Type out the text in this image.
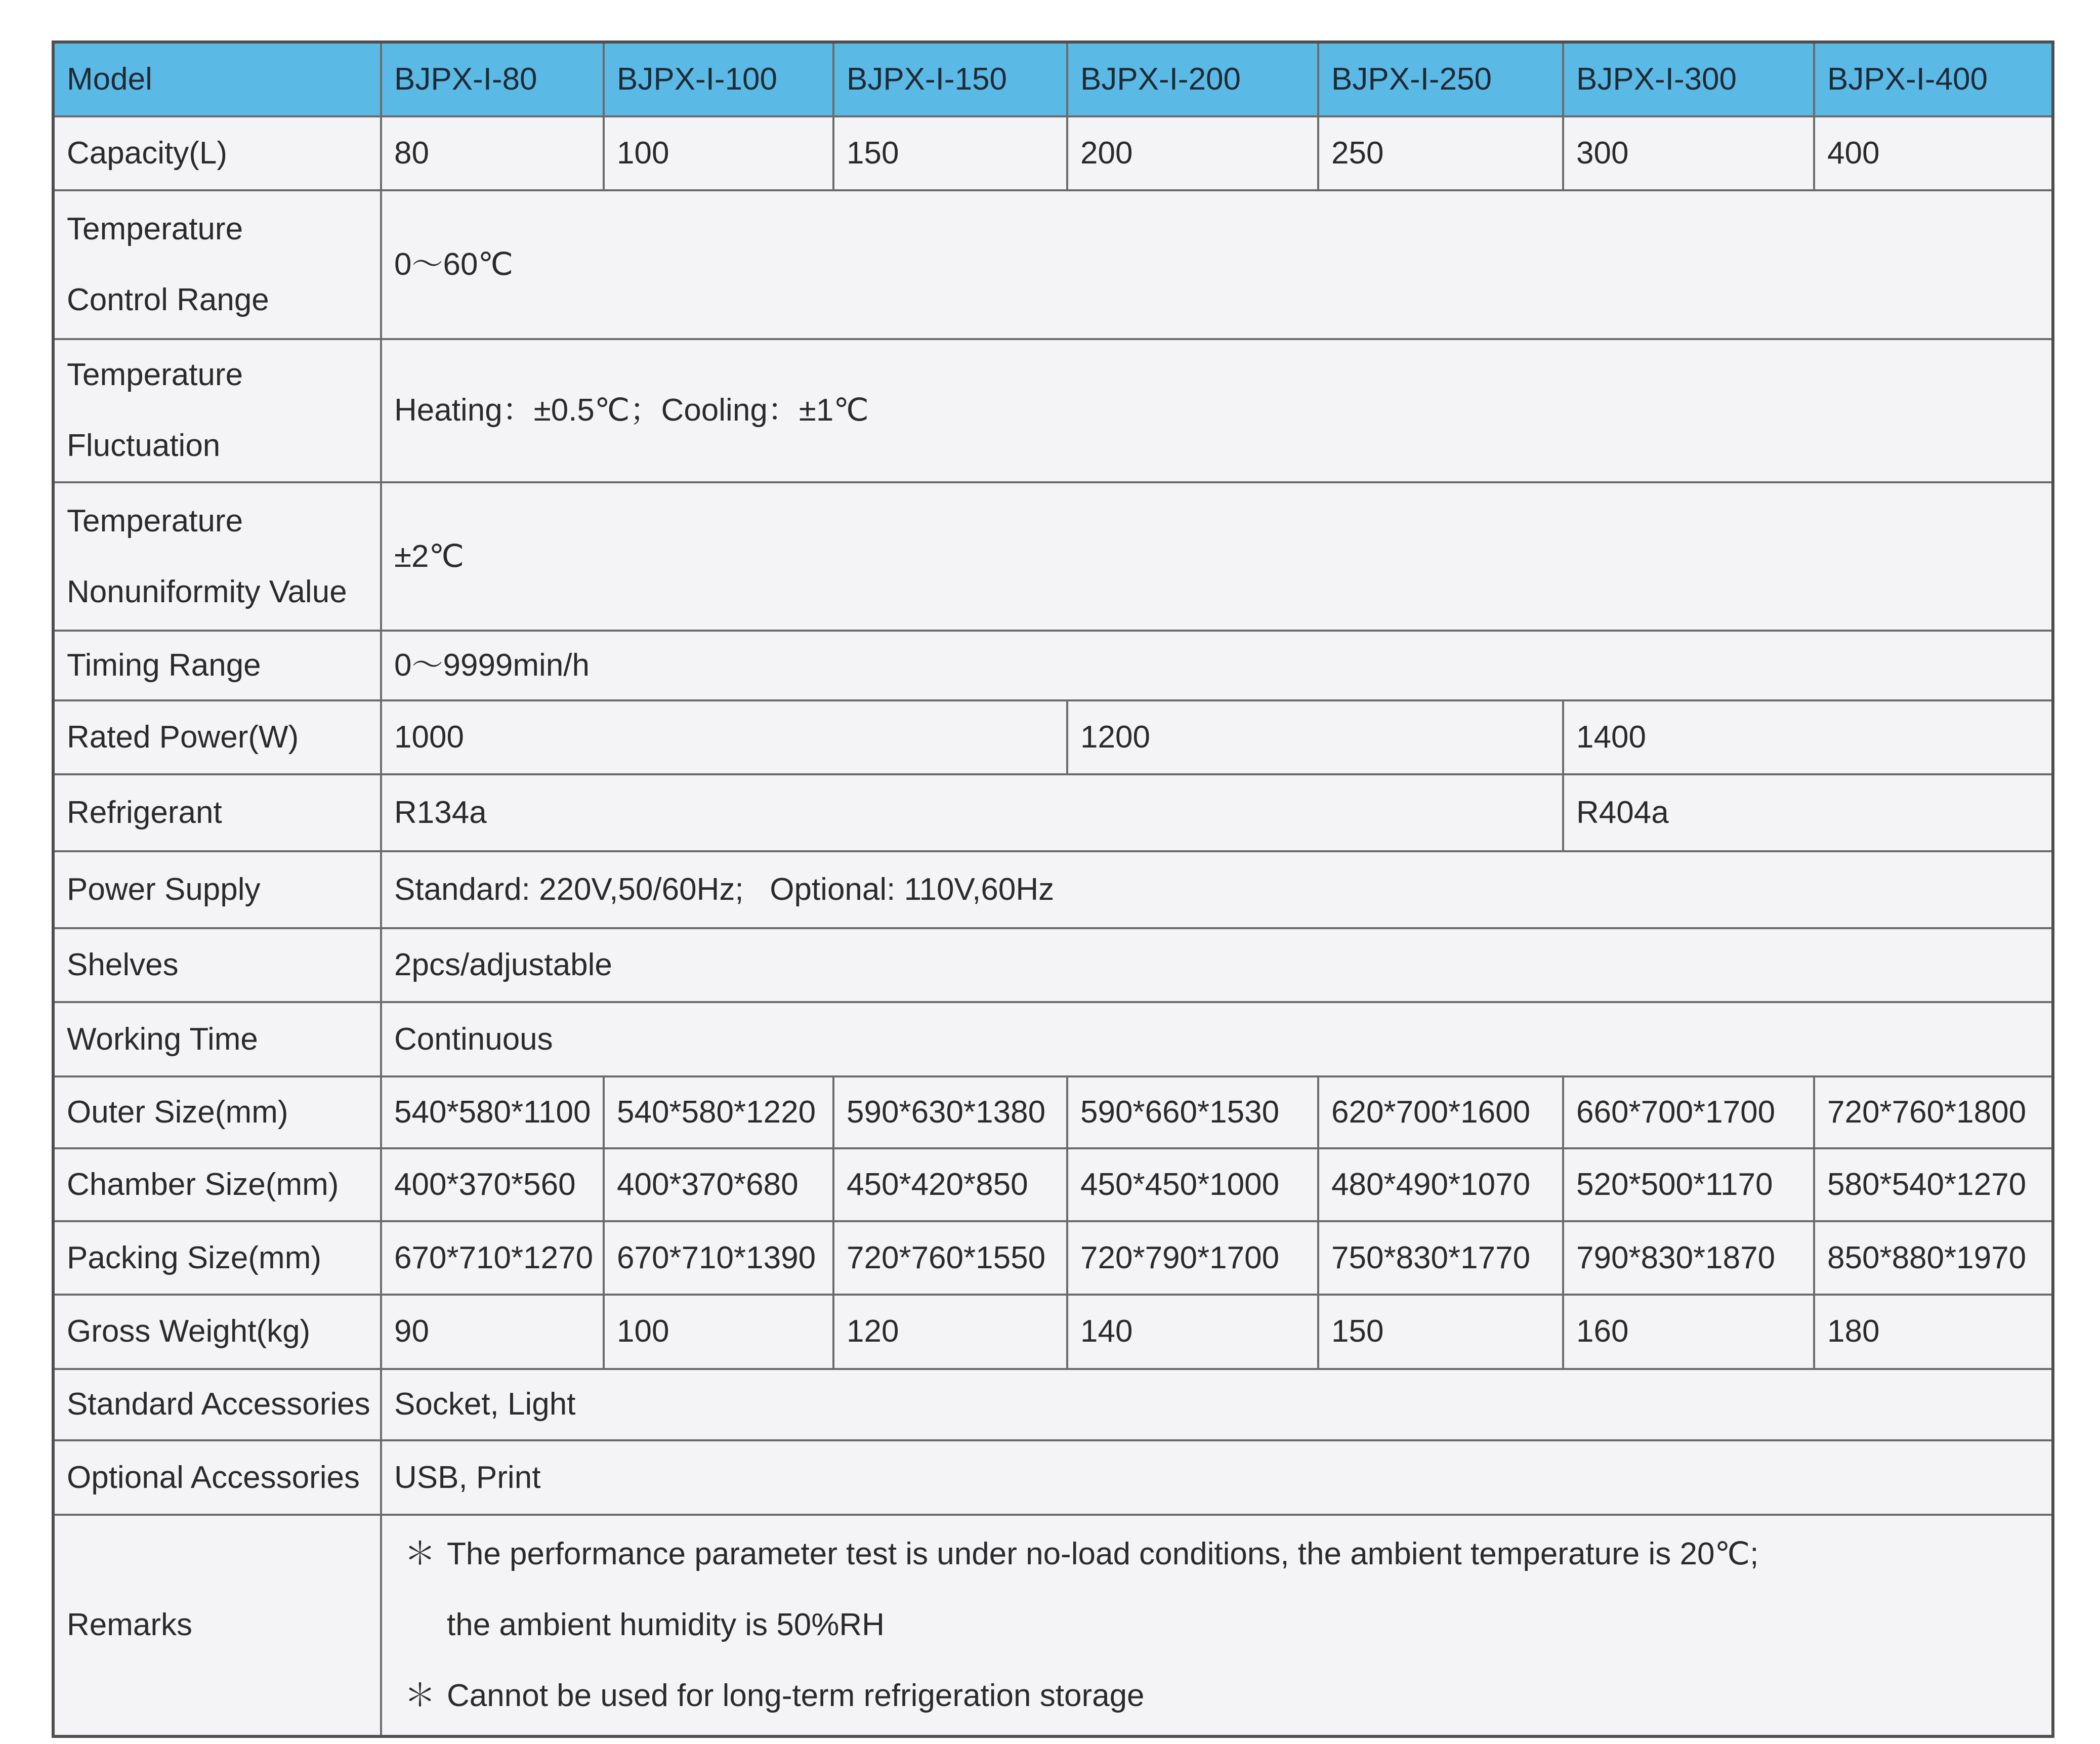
Model	BJPX-I-80	BJPX-I-100	BJPX-I-150	BJPX-I-200	BJPX-I-250	BJPX-I-300	BJPX-I-400
Capacity(L)	80	100	150	200	250	300	400

Temperature
Control Range	0～60℃						

Temperature
Fluctuation	Heating：±0.5℃；Cooling：±1℃						

Temperature
Nonuniformity Value	±2℃						
Timing Range	0～9999min/h						
Rated Power(W)	1000			1200		1400	
Refrigerant	R134a					R404a	
Power Supply	Standard: 220V,50/60Hz;   Optional: 110V,60Hz						
Shelves	2pcs/adjustable						
Working Time	Continuous						
Outer Size(mm)	540*580*1100	540*580*1220	590*630*1380	590*660*1530	620*700*1600	660*700*1700	720*760*1800
Chamber Size(mm)	400*370*560	400*370*680	450*420*850	450*450*1000	480*490*1070	520*500*1170	580*540*1270
Packing Size(mm)	670*710*1270	670*710*1390	720*760*1550	720*790*1700	750*830*1770	790*830*1870	850*880*1970
Gross Weight(kg)	90	100	120	140	150	160	180
Standard Accessories	Socket, Light						
Optional Accessories	USB, Print						
Remarks	＊ The performance parameter test is under no-load conditions, the ambient temperature is 20℃;
the ambient humidity is 50%RH
＊ Cannot be used for long-term refrigeration storage						
